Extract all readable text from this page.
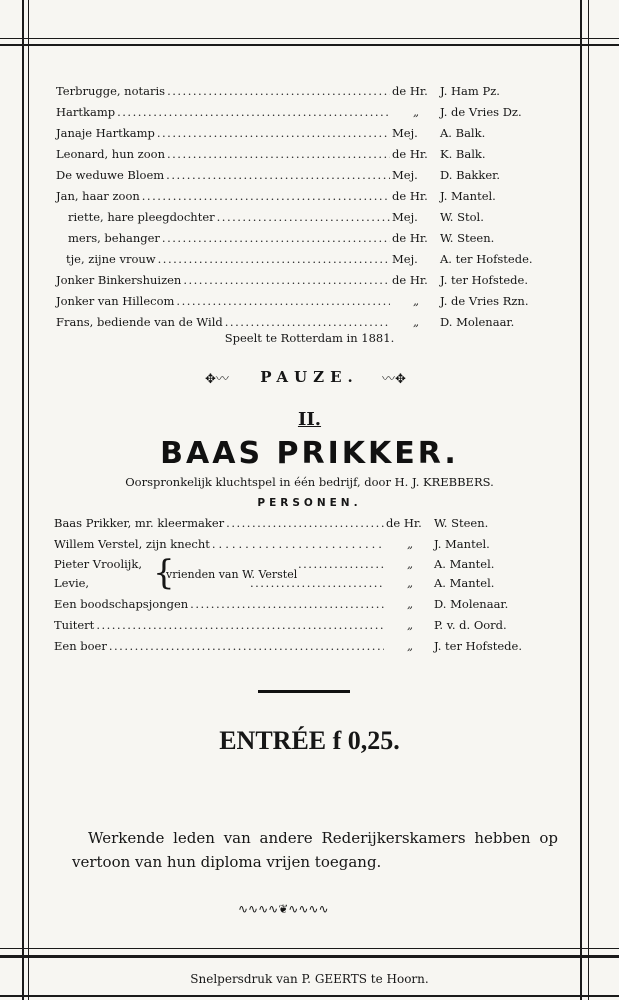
Terbrugge, notaris .....	de Hr.	J. Ham Pz.
Hartkamp .....	„	J. de Vries Dz.
Janaje Hartkamp .....	Mej.	A. Balk.
Leonard, hun zoon .....	de Hr.	K. Balk.
De weduwe Bloem .....	Mej.	D. Bakker.
Jan, haar zoon .....	de Hr.	J. Mantel.
riette, hare pleegdochter .....	Mej.	W. Stol.
mers, behanger .....	de Hr.	W. Steen.
tje, zijne vrouw .....	Mej.	A. ter Hofstede.
Jonker Binkershuizen .....	de Hr.	J. ter Hofstede.
Jonker van Hillecom .....	„	J. de Vries Rzn.
Frans, bediende van de Wild .....	„	D. Molenaar.
Speelt te Rotterdam in 1881.
✥〰	PAUZE.	〰✥
II.
BAAS PRIKKER.
Oorspronkelijk kluchtspel in één bedrijf, door H. J. KREBBERS.
PERSONEN.
Baas Prikker, mr. kleermaker .....	de Hr.	W. Steen.
Willem Verstel, zijn knecht .....	„	J. Mantel.
Pieter Vroolijk, .....	„	A. Mantel.
Levie, .....	„	A. Mantel.
Een boodschapsjongen .....	„	D. Molenaar.
Tuitert .....	„	P. v. d. Oord.
Een boer .....	„	J. ter Hofstede.
{
vrienden van W. Verstel
ENTRÉE f 0,25.
Werkende leden van andere Rederijkerskamers hebben op
vertoon van hun diploma vrijen toegang.
∿∿∿∿❦∿∿∿∿
Snelpersdruk van P. GEERTS te Hoorn.
